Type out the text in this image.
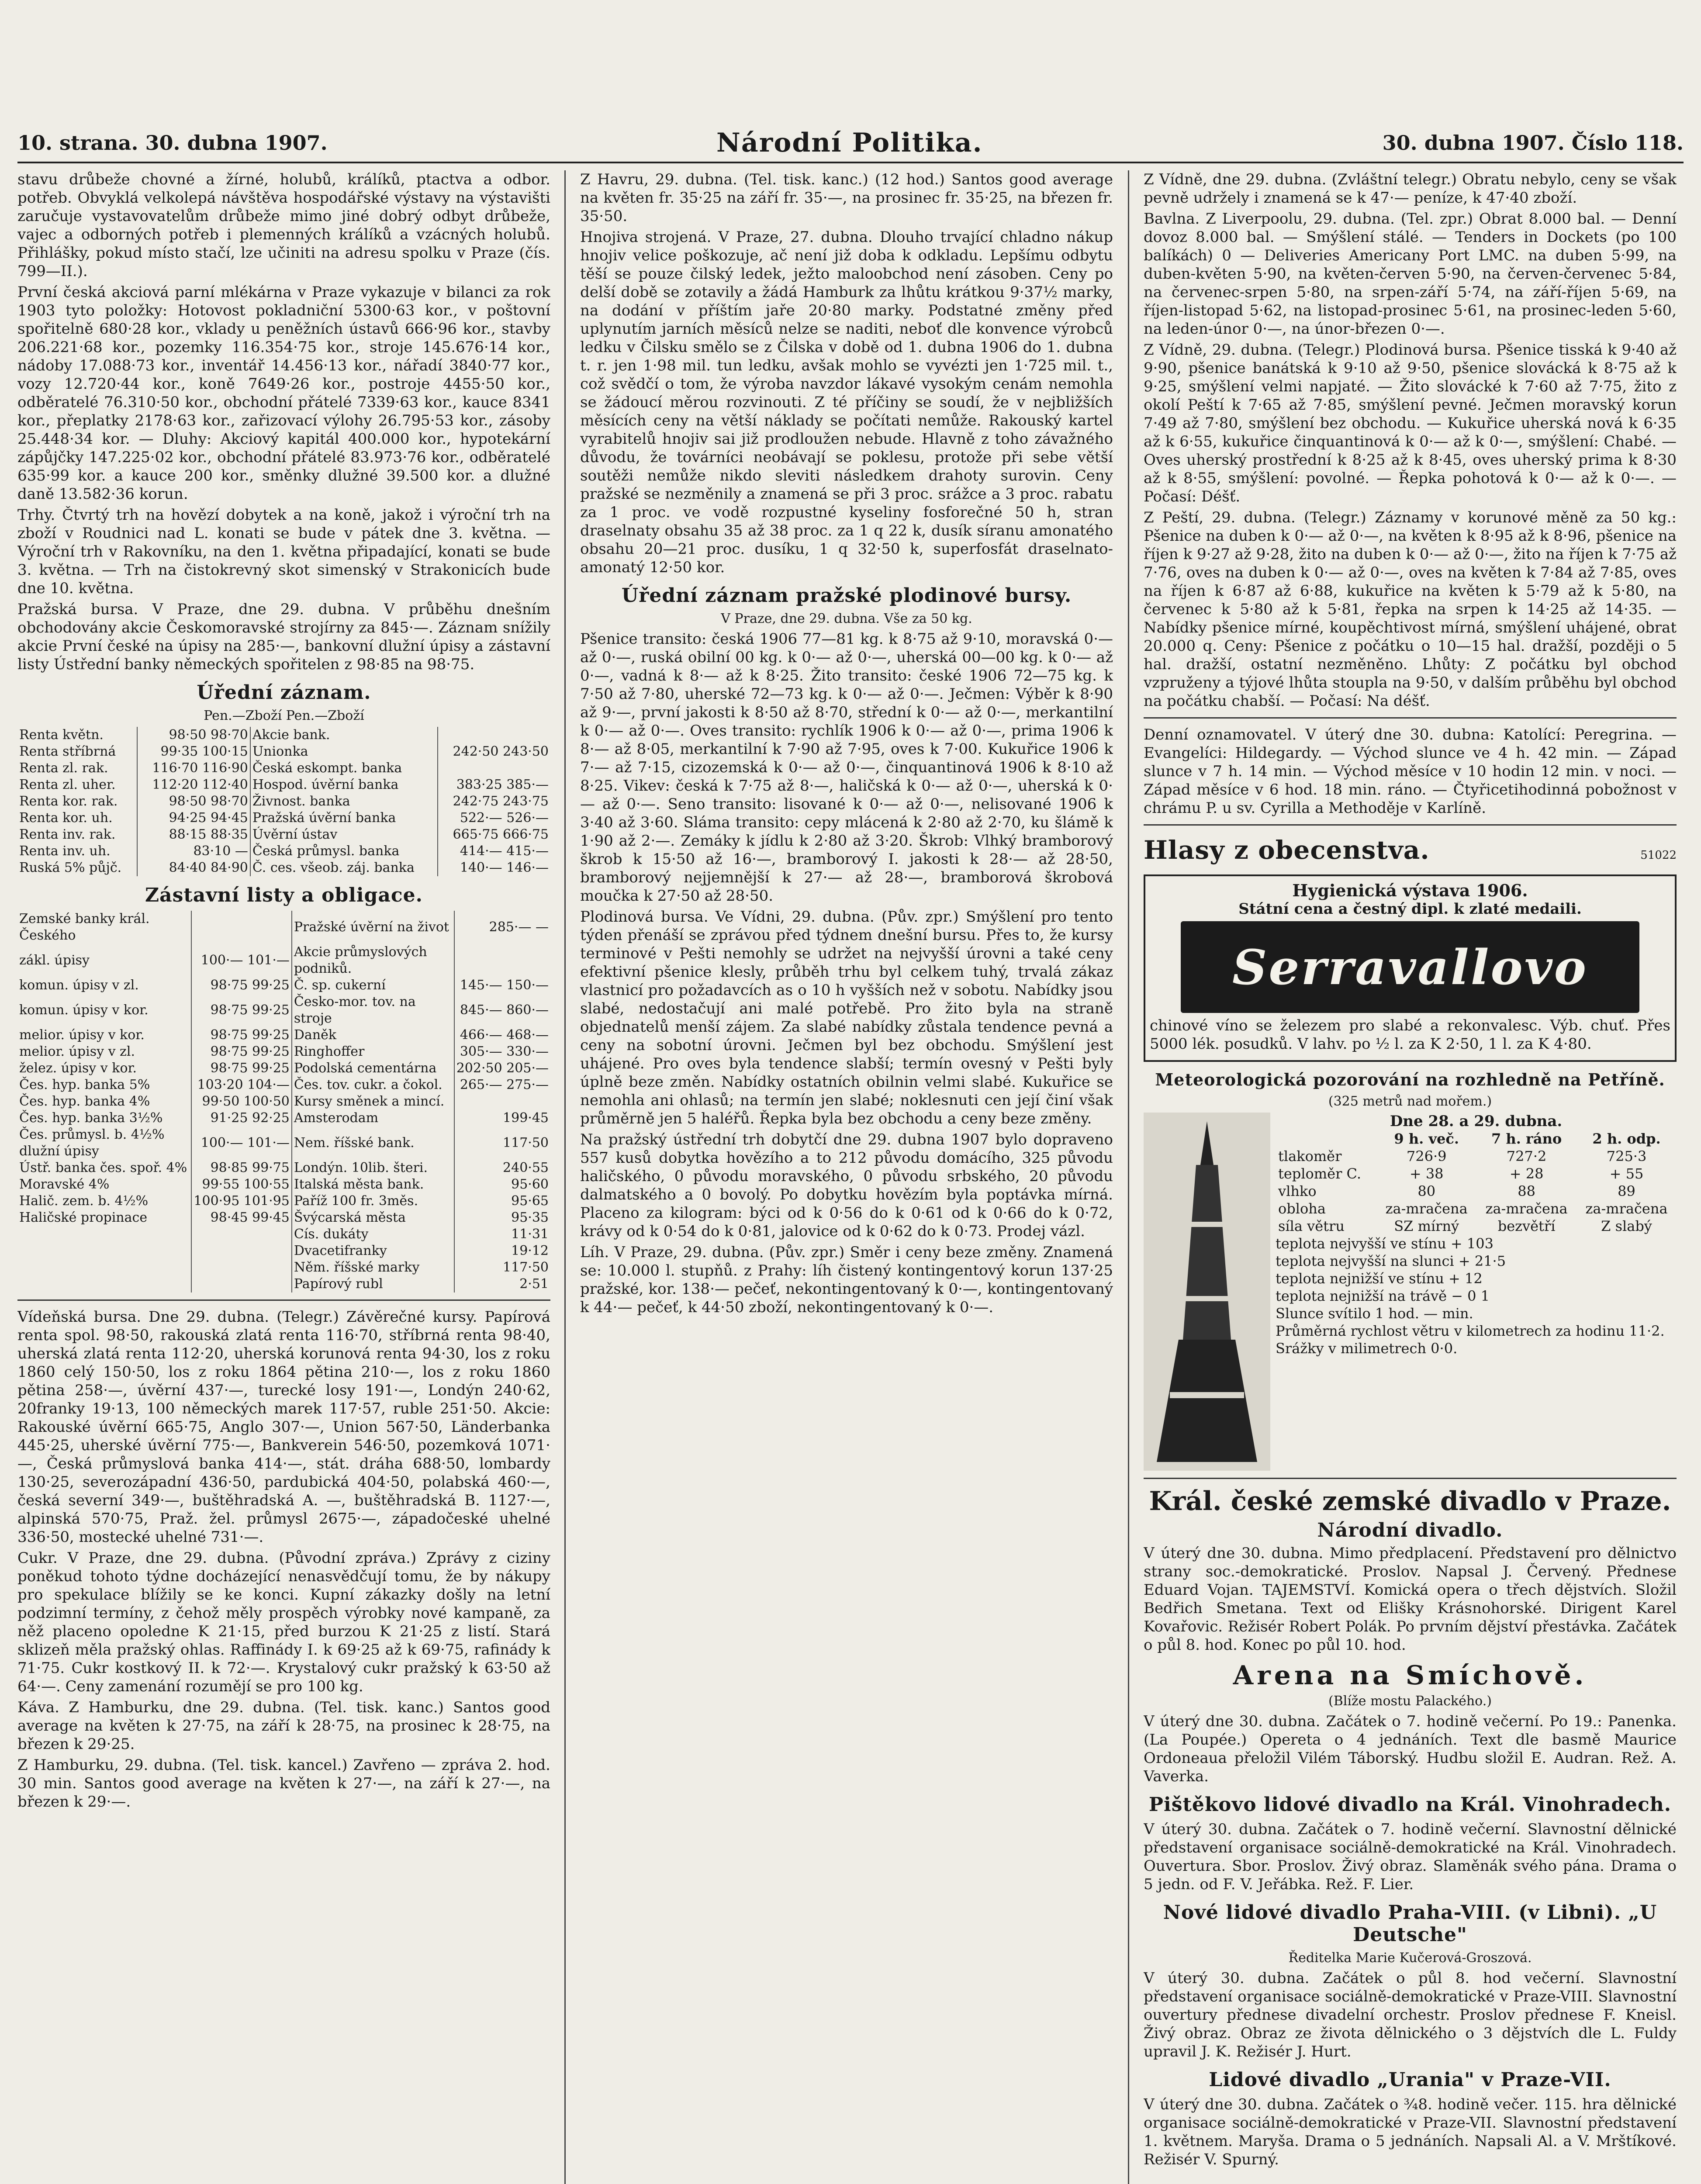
10. strana. 30. dubna 1907.	Národní Politika.	30. dubna 1907. Číslo 118.

stavu drůbeže chovné a žírné, holubů, králíků, ptactva a odbor. potřeb. Obvyklá velkolepá návštěva hospodářské výstavy na výstavišti zaručuje vystavovatelům drůbeže mimo jiné dobrý odbyt drůbeže, vajec a odborných potřeb i plemenných králíků a vzácných holubů. Přihlášky, pokud místo stačí, lze učiniti na adresu spolku v Praze (čís. 799—II.).

První česká akciová parní mlékárna v Praze vykazuje v bilanci za rok 1903 tyto položky: Hotovost pokladniční 5300·63 kor., v poštovní spořitelně 680·28 kor., vklady u peněžních ústavů 666·96 kor., stavby 206.221·68 kor., pozemky 116.354·75 kor., stroje 145.676·14 kor., nádoby 17.088·73 kor., inventář 14.456·13 kor., nářadí 3840·77 kor., vozy 12.720·44 kor., koně 7649·26 kor., postroje 4455·50 kor., odběratelé 76.310·50 kor., obchodní přátelé 7339·63 kor., kauce 8341 kor., přeplatky 2178·63 kor., zařizovací výlohy 26.795·53 kor., zásoby 25.448·34 kor. — Dluhy: Akciový kapitál 400.000 kor., hypotekární zápůjčky 147.225·02 kor., obchodní přátelé 83.973·76 kor., odběratelé 635·99 kor. a kauce 200 kor., směnky dlužné 39.500 kor. a dlužné daně 13.582·36 korun.

Trhy. Čtvrtý trh na hovězí dobytek a na koně, jakož i výroční trh na zboží v Roudnici nad L. konati se bude v pátek dne 3. května. — Výroční trh v Rakovníku, na den 1. května připadající, konati se bude 3. května. — Trh na čistokrevný skot simenský v Strakonicích bude dne 10. května.

Pražská bursa. V Praze, dne 29. dubna. V průběhu dnešním obchodovány akcie Českomoravské strojírny za 845·—. Záznam snížily akcie První české na úpisy na 285·—, bankovní dlužní úpisy a zástavní listy Ústřední banky německých spořitelen z 98·85 na 98·75.

Úřední záznam.
Pen.—Zboží Pen.—Zboží
Renta květn.	98·50 98·70	Akcie bank.	
Renta stříbrná	99·35 100·15	Unionka	242·50 243·50
Renta zl. rak.	116·70 116·90	Česká eskompt. banka	
Renta zl. uher.	112·20 112·40	Hospod. úvěrní banka	383·25 385·—
Renta kor. rak.	98·50 98·70	Živnost. banka	242·75 243·75
Renta kor. uh.	94·25 94·45	Pražská úvěrní banka	522·— 526·—
Renta inv. rak.	88·15 88·35	Úvěrní ústav	665·75 666·75
Renta inv. uh.	83·10 —	Česká průmysl. banka	414·— 415·—
Ruská 5% půjč.	84·40 84·90	Č. ces. všeob. záj. banka	140·— 146·—
Zástavní listy a obligace.
Zemské banky král. Českého		Pražské úvěrní na život	285·— —
zákl. úpisy	100·— 101·—	Akcie průmyslových podniků.	
komun. úpisy v zl.	98·75 99·25	Č. sp. cukerní	145·— 150·—
komun. úpisy v kor.	98·75 99·25	Česko-mor. tov. na stroje	845·— 860·—
melior. úpisy v kor.	98·75 99·25	Daněk	466·— 468·—
melior. úpisy v zl.	98·75 99·25	Ringhoffer	305·— 330·—
želez. úpisy v kor.	98·75 99·25	Podolská cementárna	202·50 205·—
Čes. hyp. banka 5%	103·20 104·—	Čes. tov. cukr. a čokol.	265·— 275·—
Čes. hyp. banka 4%	99·50 100·50	Kursy směnek a mincí.	
Čes. hyp. banka 3½%	91·25 92·25	Amsterodam	199·45
Čes. průmysl. b. 4½% dlužní úpisy	100·— 101·—	Nem. říšské bank.	117·50
Ústř. banka čes. spoř. 4%	98·85 99·75	Londýn. 10lib. šteri.	240·55
Moravské 4%	99·55 100·55	Italská města bank.	95·60
Halič. zem. b. 4½%	100·95 101·95	Paříž 100 fr. 3měs.	95·65
Haličské propinace	98·45 99·45	Švýcarská města	95·35
		Cís. dukáty	11·31
		Dvacetifranky	19·12
		Něm. říšské marky	117·50
		Papírový rubl	2·51

Vídeňská bursa. Dne 29. dubna. (Telegr.) Závěrečné kursy. Papírová renta spol. 98·50, rakouská zlatá renta 116·70, stříbrná renta 98·40, uherská zlatá renta 112·20, uherská korunová renta 94·30, los z roku 1860 celý 150·50, los z roku 1864 pětina 210·—, los z roku 1860 pětina 258·—, úvěrní 437·—, turecké losy 191·—, Londýn 240·62, 20franky 19·13, 100 německých marek 117·57, ruble 251·50. Akcie: Rakouské úvěrní 665·75, Anglo 307·—, Union 567·50, Länderbanka 445·25, uherské úvěrní 775·—, Bankverein 546·50, pozemková 1071·—, Česká průmyslová banka 414·—, stát. dráha 688·50, lombardy 130·25, severozápadní 436·50, pardubická 404·50, polabská 460·—, česká severní 349·—, buštěhradská A. —, buštěhradská B. 1127·—, alpinská 570·75, Praž. žel. průmysl 2675·—, západočeské uhelné 336·50, mostecké uhelné 731·—.

Cukr. V Praze, dne 29. dubna. (Původní zpráva.) Zprávy z ciziny poněkud tohoto týdne docházející nenasvědčují tomu, že by nákupy pro spekulace blížily se ke konci. Kupní zákazky došly na letní podzimní termíny, z čehož měly prospěch výrobky nové kampaně, za něž placeno opoledne K 21·15, před burzou K 21·25 z listí. Stará sklizeň měla pražský ohlas. Raffinády I. k 69·25 až k 69·75, rafinády k 71·75. Cukr kostkový II. k 72·—. Krystalový cukr pražský k 63·50 až 64·—. Ceny zamenání rozumějí se pro 100 kg.

Káva. Z Hamburku, dne 29. dubna. (Tel. tisk. kanc.) Santos good average na květen k 27·75, na září k 28·75, na prosinec k 28·75, na březen k 29·25.

Z Hamburku, 29. dubna. (Tel. tisk. kancel.) Zavřeno — zpráva 2. hod. 30 min. Santos good average na květen k 27·—, na září k 27·—, na březen k 29·—.

Z Havru, 29. dubna. (Tel. tisk. kanc.) (12 hod.) Santos good average na květen fr. 35·25 na září fr. 35·—, na prosinec fr. 35·25, na březen fr. 35·50.

Hnojiva strojená. V Praze, 27. dubna. Dlouho trvající chladno nákup hnojiv velice poškozuje, ač není již doba k odkladu. Lepšímu odbytu těší se pouze čilský ledek, ježto maloobchod není zásoben. Ceny po delší době se zotavily a žádá Hamburk za lhůtu krátkou 9·37½ marky, na dodání v příštím jaře 20·80 marky. Podstatné změny před uplynutím jarních měsíců nelze se naditi, neboť dle konvence výrobců ledku v Čilsku smělo se z Čilska v době od 1. dubna 1906 do 1. dubna t. r. jen 1·98 mil. tun ledku, avšak mohlo se vyvézti jen 1·725 mil. t., což svědčí o tom, že výroba navzdor lákavé vysokým cenám nemohla se žádoucí měrou rozvinouti. Z té příčiny se soudí, že v nejbližších měsících ceny na větší náklady se počítati nemůže. Rakouský kartel vyrabitelů hnojiv sai již prodloužen nebude. Hlavně z toho závažného důvodu, že továrníci neobávají se poklesu, protože při sebe větší soutěži nemůže nikdo sleviti následkem drahoty surovin. Ceny pražské se nezměnily a znamená se při 3 proc. srážce a 3 proc. rabatu za 1 proc. ve vodě rozpustné kyseliny fosforečné 50 h, stran draselnaty obsahu 35 až 38 proc. za 1 q 22 k, dusík síranu amonatého obsahu 20—21 proc. dusíku, 1 q 32·50 k, superfosfát draselnato-amonatý 12·50 kor.

Úřední záznam pražské plodinové bursy.
V Praze, dne 29. dubna. Vše za 50 kg.

Pšenice transito: česká 1906 77—81 kg. k 8·75 až 9·10, moravská 0·— až 0·—, ruská obilní 00 kg. k 0·— až 0·—, uherská 00—00 kg. k 0·— až 0·—, vadná k 8·— až k 8·25. Žito transito: české 1906 72—75 kg. k 7·50 až 7·80, uherské 72—73 kg. k 0·— až 0·—. Ječmen: Výběr k 8·90 až 9·—, první jakosti k 8·50 až 8·70, střední k 0·— až 0·—, merkantilní k 0·— až 0·—. Oves transito: rychlík 1906 k 0·— až 0·—, prima 1906 k 8·— až 8·05, merkantilní k 7·90 až 7·95, oves k 7·00. Kukuřice 1906 k 7·— až 7·15, cizozemská k 0·— až 0·—, činquantinová 1906 k 8·10 až 8·25. Vikev: česká k 7·75 až 8·—, haličská k 0·— až 0·—, uherská k 0·— až 0·—. Seno transito: lisované k 0·— až 0·—, nelisované 1906 k 3·40 až 3·60. Sláma transito: cepy mlácená k 2·80 až 2·70, ku šlámě k 1·90 až 2·—. Zemáky k jídlu k 2·80 až 3·20. Škrob: Vlhký bramborový škrob k 15·50 až 16·—, bramborový I. jakosti k 28·— až 28·50, bramborový nejjemnější k 27·— až 28·—, bramborová škrobová moučka k 27·50 až 28·50.

Plodinová bursa. Ve Vídni, 29. dubna. (Pův. zpr.) Smýšlení pro tento týden přenáší se zprávou před týdnem dnešní bursu. Přes to, že kursy terminové v Pešti nemohly se udržet na nejvyšší úrovni a také ceny efektivní pšenice klesly, průběh trhu byl celkem tuhý, trvalá zákaz vlastnicí pro požadavcích as o 10 h vyšších než v sobotu. Nabídky jsou slabé, nedostačují ani malé potřebě. Pro žito byla na straně objednatelů menší zájem. Za slabé nabídky zůstala tendence pevná a ceny na sobotní úrovni. Ječmen byl bez obchodu. Smýšlení jest uhájené. Pro oves byla tendence slabší; termín ovesný v Pešti byly úplně beze změn. Nabídky ostatních obilnin velmi slabé. Kukuřice se nemohla ani ohlasů; na termín jen slabé; noklesnuti cen její činí však průměrně jen 5 haléřů. Řepka byla bez obchodu a ceny beze změny.

Na pražský ústřední trh dobytčí dne 29. dubna 1907 bylo dopraveno 557 kusů dobytka hovězího a to 212 původu domácího, 325 původu haličského, 0 původu moravského, 0 původu srbského, 20 původu dalmatského a 0 bovolý. Po dobytku hovězím byla poptávka mírná. Placeno za kilogram: býci od k 0·56 do k 0·61 od k 0·66 do k 0·72, krávy od k 0·54 do k 0·81, jalovice od k 0·62 do k 0·73. Prodej vázl.

Líh. V Praze, 29. dubna. (Pův. zpr.) Směr i ceny beze změny. Znamená se: 10.000 l. stupňů. z Prahy: líh čistený kontingentový korun 137·25 pražské, kor. 138·— pečeť, nekontingentovaný k 0·—, kontingentovaný k 44·— pečeť, k 44·50 zboží, nekontingentovaný k 0·—.

Z Vídně, dne 29. dubna. (Zvláštní telegr.) Obratu nebylo, ceny se však pevně udržely i znamená se k 47·— peníze, k 47·40 zboží.

Bavlna. Z Liverpoolu, 29. dubna. (Tel. zpr.) Obrat 8.000 bal. — Denní dovoz 8.000 bal. — Smýšlení stálé. — Tenders in Dockets (po 100 balíkách) 0 — Deliveries Americany Port LMC. na duben 5·99, na duben-květen 5·90, na květen-červen 5·90, na červen-červenec 5·84, na červenec-srpen 5·80, na srpen-září 5·74, na září-říjen 5·69, na říjen-listopad 5·62, na listopad-prosinec 5·61, na prosinec-leden 5·60, na leden-únor 0·—, na únor-březen 0·—.

Z Vídně, 29. dubna. (Telegr.) Plodinová bursa. Pšenice tisská k 9·40 až 9·90, pšenice banátská k 9·10 až 9·50, pšenice slovácká k 8·75 až k 9·25, smýšlení velmi napjaté. — Žito slovácké k 7·60 až 7·75, žito z okolí Peští k 7·65 až 7·85, smýšlení pevné. Ječmen moravský korun 7·49 až 7·80, smýšlení bez obchodu. — Kukuřice uherská nová k 6·35 až k 6·55, kukuřice činquantinová k 0·— až k 0·—, smýšlení: Chabé. — Oves uherský prostřední k 8·25 až k 8·45, oves uherský prima k 8·30 až k 8·55, smýšlení: povolné. — Řepka pohotová k 0·— až k 0·—. — Počasí: Déšť.

Z Peští, 29. dubna. (Telegr.) Záznamy v korunové měně za 50 kg.: Pšenice na duben k 0·— až 0·—, na květen k 8·95 až k 8·96, pšenice na říjen k 9·27 až 9·28, žito na duben k 0·— až 0·—, žito na říjen k 7·75 až 7·76, oves na duben k 0·— až 0·—, oves na květen k 7·84 až 7·85, oves na říjen k 6·87 až 6·88, kukuřice na květen k 5·79 až k 5·80, na červenec k 5·80 až k 5·81, řepka na srpen k 14·25 až 14·35. — Nabídky pšenice mírné, koupěchtivost mírná, smýšlení uhájené, obrat 20.000 q. Ceny: Pšenice z počátku o 10—15 hal. dražší, později o 5 hal. dražší, ostatní nezměněno. Lhůty: Z počátku byl obchod vzpruženy a týjové lhůta stoupla na 9·50, v dalším průběhu byl obchod na počátku chabší. — Počasí: Na déšť.

Denní oznamovatel. V úterý dne 30. dubna: Katolící: Peregrina. — Evangelíci: Hildegardy. — Východ slunce ve 4 h. 42 min. — Západ slunce v 7 h. 14 min. — Východ měsíce v 10 hodin 12 min. v noci. — Západ měsíce v 6 hod. 18 min. ráno. — Čtyřicetihodinná pobožnost v chrámu P. u sv. Cyrilla a Methoděje v Karlíně.

Hlasy z obecenstva.	51022
Hygienická výstava 1906.
Státní cena a čestný dipl. k zlaté medaili.
Serravallovo

chinové víno se železem pro slabé a rekonvalesc. Výb. chuť. Přes 5000 lék. posudků. V lahv. po ½ l. za K 2·50, 1 l. za K 4·80.

Meteorologická pozorování na rozhledně na Petříně.
(325 metrů nad mořem.)
Dne 28. a 29. dubna.
	9 h. več.	7 h. ráno	2 h. odp.
tlakoměr	726·9	727·2	725·3
teploměr C.	+ 38	+ 28	+ 55
vlhko	80	88	89
obloha	za-mračena	za-mračena	za-mračena
síla větru	SZ mírný	bezvětří	Z slabý
teplota nejvyšší ve stínu + 103
teplota nejvyšší na slunci + 21·5
teplota nejnižší ve stínu + 12
teplota nejnižší na trávě − 0 1
Slunce svítilo 1 hod. — min.
Průměrná rychlost větru v kilometrech za hodinu 11·2.
Srážky v milimetrech 0·0.
Král. české zemské divadlo v Praze.
Národní divadlo.

V úterý dne 30. dubna. Mimo předplacení. Představení pro dělnictvo strany soc.-demokratické. Proslov. Napsal J. Červený. Přednese Eduard Vojan. TAJEMSTVÍ. Komická opera o třech dějstvích. Složil Bedřich Smetana. Text od Elišky Krásnohorské. Dirigent Karel Kovařovic. Režisér Robert Polák. Po prvním dějství přestávka. Začátek o půl 8. hod. Konec po půl 10. hod.

Arena na Smíchově.
(Blíže mostu Palackého.)

V úterý dne 30. dubna. Začátek o 7. hodině večerní. Po 19.: Panenka. (La Poupée.) Opereta o 4 jednáních. Text dle basmě Maurice Ordoneaua přeložil Vilém Táborský. Hudbu složil E. Audran. Rež. A. Vaverka.

Pištěkovo lidové divadlo na Král. Vinohradech.

V úterý 30. dubna. Začátek o 7. hodině večerní. Slavnostní dělnické představení organisace sociálně-demokratické na Král. Vinohradech. Ouvertura. Sbor. Proslov. Živý obraz. Slaměnák svého pána. Drama o 5 jedn. od F. V. Jeřábka. Rež. F. Lier.

Nové lidové divadlo Praha-VIII. (v Libni). „U Deutsche"
Ředitelka Marie Kučerová-Groszová.

V úterý 30. dubna. Začátek o půl 8. hod večerní. Slavnostní představení organisace sociálně-demokratické v Praze-VIII. Slavnostní ouvertury přednese divadelní orchestr. Proslov přednese F. Kneisl. Živý obraz. Obraz ze života dělnického o 3 dějstvích dle L. Fuldy upravil J. K. Režisér J. Hurt.

Lidové divadlo „Urania" v Praze-VII.

V úterý dne 30. dubna. Začátek o ¾8. hodině večer. 115. hra dělnické organisace sociálně-demokratické v Praze-VII. Slavnostní představení 1. květnem. Maryša. Drama o 5 jednáních. Napsali Al. a V. Mrštíkové. Režisér V. Spurný.
